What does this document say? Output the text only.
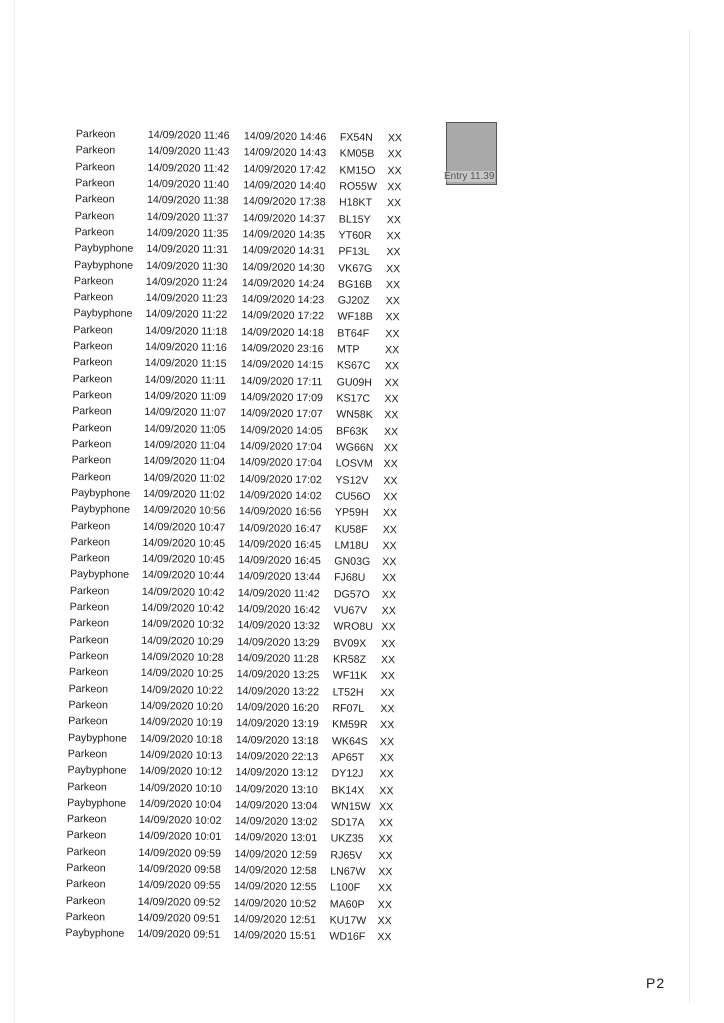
Parkeon	14/09/2020 11:46	14/09/2020 14:46	FX54N	XX
Parkeon	14/09/2020 11:43	14/09/2020 14:43	KM05B	XX
Parkeon	14/09/2020 11:42	14/09/2020 17:42	KM15O	XX
Parkeon	14/09/2020 11:40	14/09/2020 14:40	RO55W XX
Parkeon	14/09/2020 11:38	14/09/2020 17:38	H18KT	XX
Parkeon	14/09/2020 11:37	14/09/2020 14:37	BL15Y	XX
Parkeon	14/09/2020 11:35	14/09/2020 14:35	YT60R	XX
Paybyphone	14/09/2020 11:31	14/09/2020 14:31	PF13L	XX
Paybyphone	14/09/2020 11:30	14/09/2020 14:30	VK67G	XX
Parkeon	14/09/2020 11:24	14/09/2020 14:24	BG16B	XX
Parkeon	14/09/2020 11:23	14/09/2020 14:23	GJ20Z	XX
Paybyphone	14/09/2020 11:22	14/09/2020 17:22	WF18B	XX
Parkeon	14/09/2020 11:18	14/09/2020 14:18	BT64F	XX
Parkeon	14/09/2020 11:16	14/09/2020 23:16	MTP	XX
Parkeon	14/09/2020 11:15	14/09/2020 14:15	KS67C	XX
Parkeon	14/09/2020 11:11	14/09/2020 17:11	GU09H	XX
Parkeon	14/09/2020 11:09	14/09/2020 17:09	KS17C	XX
Parkeon	14/09/2020 11:07	14/09/2020 17:07	WN58K	XX
Parkeon	14/09/2020 11:05	14/09/2020 14:05	BF63K	XX
Parkeon	14/09/2020 11:04	14/09/2020 17:04	WG66N XX
Parkeon	14/09/2020 11:04	14/09/2020 17:04	LOSVM	XX
Parkeon	14/09/2020 11:02	14/09/2020 17:02	YS12V	XX
Paybyphone	14/09/2020 11:02	14/09/2020 14:02	CU56O	XX
Paybyphone	14/09/2020 10:56	14/09/2020 16:56	YP59H	XX
Parkeon	14/09/2020 10:47	14/09/2020 16:47	KU58F	XX
Parkeon	14/09/2020 10:45	14/09/2020 16:45	LM18U	XX
Parkeon	14/09/2020 10:45	14/09/2020 16:45	GN03G	XX
Paybyphone	14/09/2020 10:44	14/09/2020 13:44	FJ68U	XX
Parkeon	14/09/2020 10:42	14/09/2020 11:42	DG57O	XX
Parkeon	14/09/2020 10:42	14/09/2020 16:42	VU67V	XX
Parkeon	14/09/2020 10:32	14/09/2020 13:32	WRO8U XX
Parkeon	14/09/2020 10:29	14/09/2020 13:29	BV09X	XX
Parkeon	14/09/2020 10:28	14/09/2020 11:28	KR58Z	XX
Parkeon	14/09/2020 10:25	14/09/2020 13:25	WF11K	XX
Parkeon	14/09/2020 10:22	14/09/2020 13:22	LT52H	XX
Parkeon	14/09/2020 10:20	14/09/2020 16:20	RF07L	XX
Parkeon	14/09/2020 10:19	14/09/2020 13:19	KM59R	XX
Paybyphone	14/09/2020 10:18	14/09/2020 13:18	WK64S	XX
Parkeon	14/09/2020 10:13	14/09/2020 22:13	AP65T	XX
Paybyphone	14/09/2020 10:12	14/09/2020 13:12	DY12J	XX
Parkeon	14/09/2020 10:10	14/09/2020 13:10	BK14X	XX
Paybyphone	14/09/2020 10:04	14/09/2020 13:04	WN15W XX
Parkeon	14/09/2020 10:02	14/09/2020 13:02	SD17A	XX
Parkeon	14/09/2020 10:01	14/09/2020 13:01	UKZ35	XX
Parkeon	14/09/2020 09:59	14/09/2020 12:59	RJ65V	XX
Parkeon	14/09/2020 09:58	14/09/2020 12:58	LN67W	XX
Parkeon	14/09/2020 09:55	14/09/2020 12:55	L100F	XX
Parkeon	14/09/2020 09:52	14/09/2020 10:52	MA60P	XX
Parkeon	14/09/2020 09:51	14/09/2020 12:51	KU17W	XX
Paybyphone	14/09/2020 09:51	14/09/2020 15:51	WD16F	XX
Entry 11.39
P2
